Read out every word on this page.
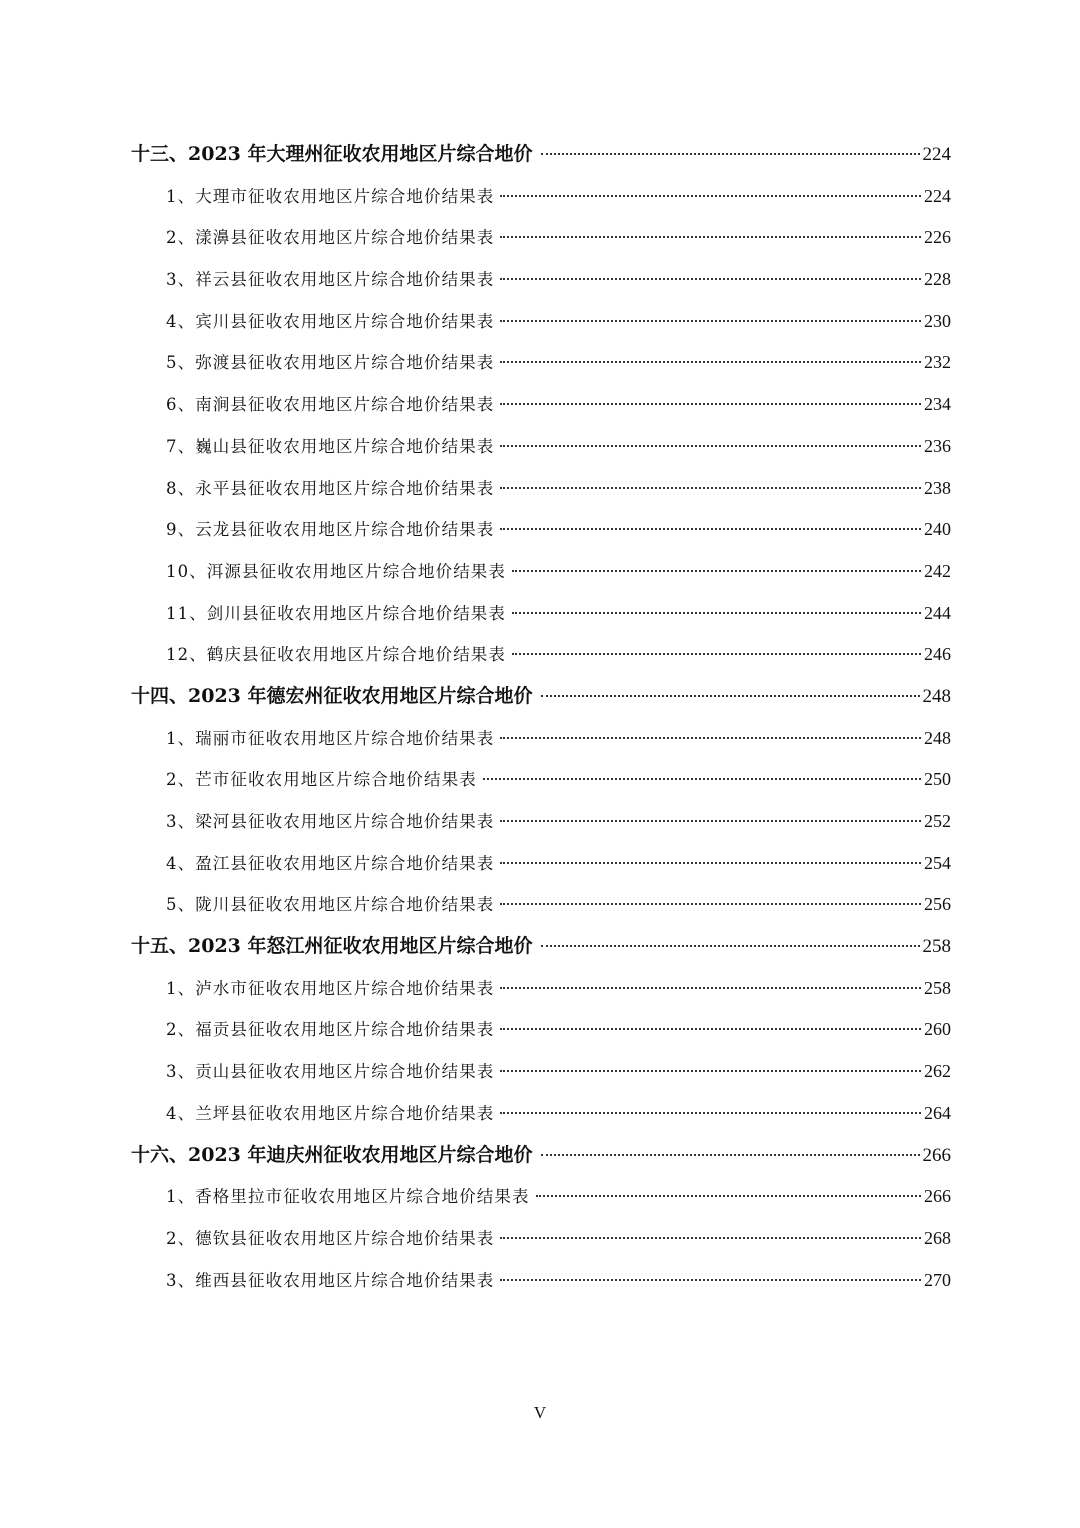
十三、2023 年大理州征收农用地区片综合地价	224
1、大理市征收农用地区片综合地价结果表	224
2、漾濞县征收农用地区片综合地价结果表	226
3、祥云县征收农用地区片综合地价结果表	228
4、宾川县征收农用地区片综合地价结果表	230
5、弥渡县征收农用地区片综合地价结果表	232
6、南涧县征收农用地区片综合地价结果表	234
7、巍山县征收农用地区片综合地价结果表	236
8、永平县征收农用地区片综合地价结果表	238
9、云龙县征收农用地区片综合地价结果表	240
10、洱源县征收农用地区片综合地价结果表	242
11、剑川县征收农用地区片综合地价结果表	244
12、鹤庆县征收农用地区片综合地价结果表	246
十四、2023 年德宏州征收农用地区片综合地价	248
1、瑞丽市征收农用地区片综合地价结果表	248
2、芒市征收农用地区片综合地价结果表	250
3、梁河县征收农用地区片综合地价结果表	252
4、盈江县征收农用地区片综合地价结果表	254
5、陇川县征收农用地区片综合地价结果表	256
十五、2023 年怒江州征收农用地区片综合地价	258
1、泸水市征收农用地区片综合地价结果表	258
2、福贡县征收农用地区片综合地价结果表	260
3、贡山县征收农用地区片综合地价结果表	262
4、兰坪县征收农用地区片综合地价结果表	264
十六、2023 年迪庆州征收农用地区片综合地价	266
1、香格里拉市征收农用地区片综合地价结果表	266
2、德钦县征收农用地区片综合地价结果表	268
3、维西县征收农用地区片综合地价结果表	270
V
